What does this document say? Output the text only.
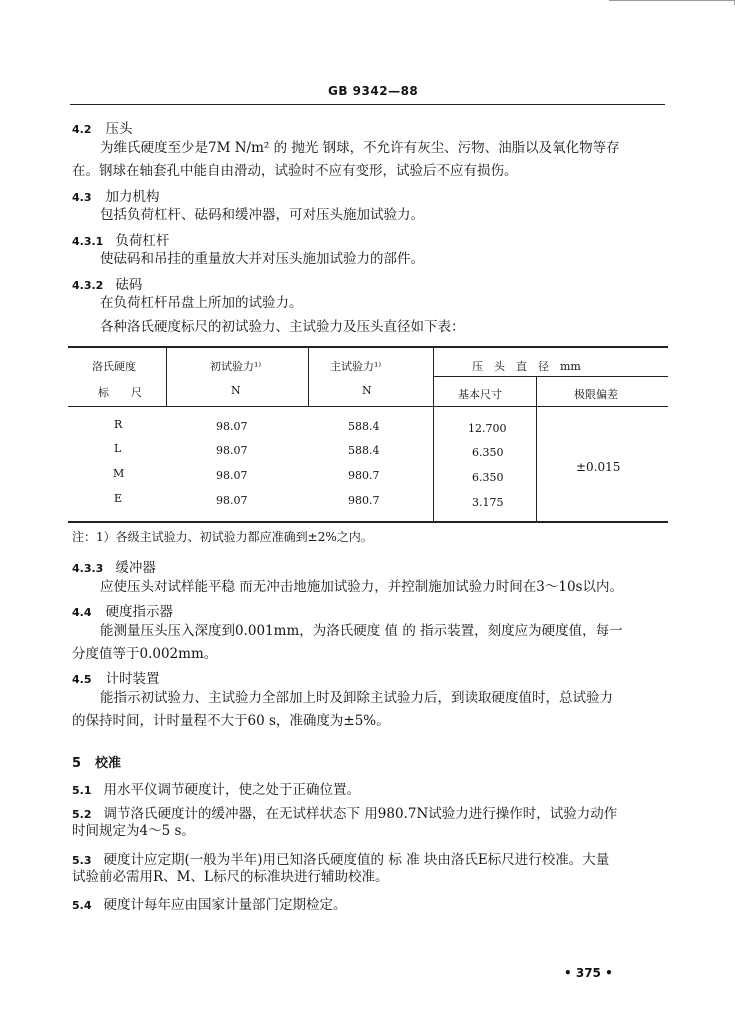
GB 9342—88
4.2 压头
为维氏硬度至少是7M N/m² 的 抛光 钢球，不允许有灰尘、污物、油脂以及氧化物等存
在。钢球在轴套孔中能自由滑动，试验时不应有变形，试验后不应有损伤。
4.3 加力机构
包括负荷杠杆、砝码和缓冲器，可对压头施加试验力。
4.3.1 负荷杠杆
使砝码和吊挂的重量放大并对压头施加试验力的部件。
4.3.2 砝码
在负荷杠杆吊盘上所加的试验力。
各种洛氏硬度标尺的初试验力、主试验力及压头直径如下表：
洛氏硬度
标　　尺
初试验力¹⁾
N
主试验力¹⁾
N
压　头　直　径　mm
基本尺寸	极限偏差
R	98.07	588.4	12.700
L	98.07	588.4	6.350
M	98.07	980.7	6.350
E	98.07	980.7	3.175
±0.015
注：1）各级主试验力、初试验力都应准确到±2%之内。
4.3.3 缓冲器
应使压头对试样能平稳 而无冲击地施加试验力，并控制施加试验力时间在3～10s以内。
4.4 硬度指示器
能测量压头压入深度到0.001mm，为洛氏硬度 值 的 指示装置，刻度应为硬度值，每一
分度值等于0.002mm。
4.5 计时装置
能指示初试验力、主试验力全部加上时及卸除主试验力后，到读取硬度值时，总试验力
的保持时间，计时量程不大于60 s，准确度为±5%。
5 校准
5.1 用水平仪调节硬度计，使之处于正确位置。
5.2 调节洛氏硬度计的缓冲器，在无试样状态下 用980.7N试验力进行操作时，试验力动作
时间规定为4～5 s。
5.3 硬度计应定期(一般为半年)用已知洛氏硬度值的 标 准 块由洛氏E标尺进行校准。大量
试验前必需用R、M、L标尺的标准块进行辅助校准。
5.4 硬度计每年应由国家计量部门定期检定。
• 375 •
